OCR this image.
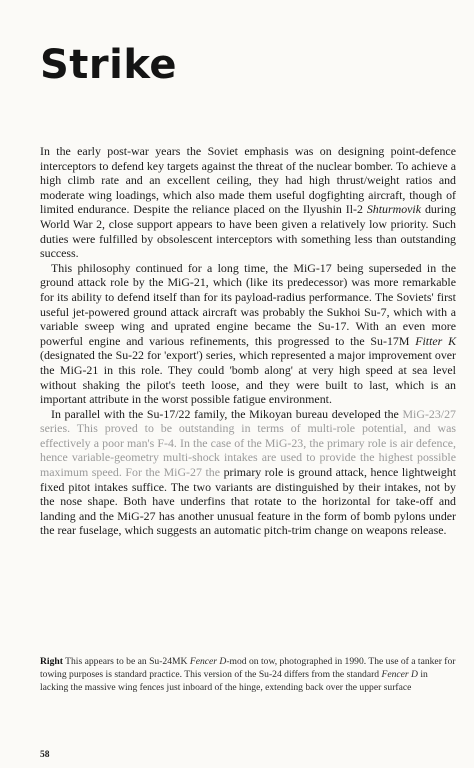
Strike

In the early post-war years the Soviet emphasis was on designing point-defence interceptors to defend key targets against the threat of the nuclear bomber. To achieve a high climb rate and an excellent ceiling, they had high thrust/weight ratios and moderate wing loadings, which also made them useful dogfighting aircraft, though of limited endurance. Despite the reliance placed on the Ilyushin Il-2 Shturmovik during World War 2, close support appears to have been given a relatively low priority. Such duties were fulfilled by obsolescent interceptors with something less than outstanding success.

This philosophy continued for a long time, the MiG-17 being superseded in the ground attack role by the MiG-21, which (like its predecessor) was more remarkable for its ability to defend itself than for its payload-radius performance. The Soviets' first useful jet-powered ground attack aircraft was probably the Sukhoi Su-7, which with a variable sweep wing and uprated engine became the Su-17. With an even more powerful engine and various refinements, this progressed to the Su-17M Fitter K (designated the Su-22 for 'export') series, which represented a major improvement over the MiG-21 in this role. They could 'bomb along' at very high speed at sea level without shaking the pilot's teeth loose, and they were built to last, which is an important attribute in the worst possible fatigue environment.

In parallel with the Su-17/22 family, the Mikoyan bureau developed the MiG-23/27 series. This proved to be outstanding in terms of multi-role potential, and was effectively a poor man's F-4. In the case of the MiG-23, the primary role is air defence, hence variable-geometry multi-shock intakes are used to provide the highest possible maximum speed. For the MiG-27 the primary role is ground attack, hence lightweight fixed pitot intakes suffice. The two variants are distinguished by their intakes, not by the nose shape. Both have underfins that rotate to the horizontal for take-off and landing and the MiG-27 has another unusual feature in the form of bomb pylons under the rear fuselage, which suggests an automatic pitch-trim change on weapons release.

Right This appears to be an Su-24MK Fencer D-mod on tow, photographed in 1990. The use of a tanker for towing purposes is standard practice. This version of the Su-24 differs from the standard Fencer D in lacking the massive wing fences just inboard of the hinge, extending back over the upper surface
58
